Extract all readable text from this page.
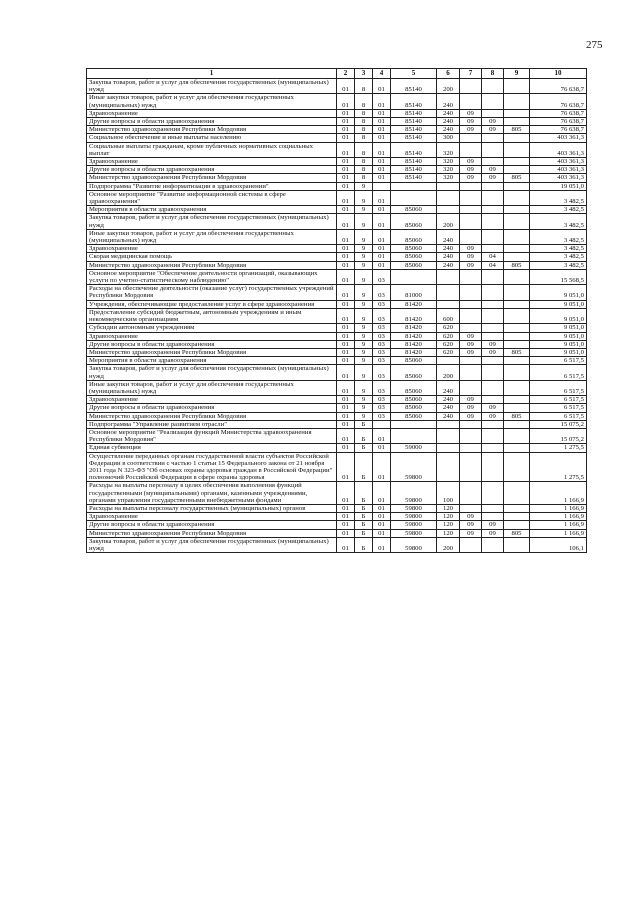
275
1	2	3	4	5	6	7	8	9	10
Закупка товаров, работ и услуг для обеспечения государственных (муниципальных) нужд	01	8	01	85140	200				76 638,7
Иные закупки товаров, работ и услуг для обеспечения государственных (муниципальных) нужд	01	8	01	85140	240				76 638,7
Здравоохранение	01	8	01	85140	240	09			76 638,7
Другие вопросы в области здравоохранения	01	8	01	85140	240	09	09		76 638,7
Министерство здравоохранения Республики Мордовия	01	8	01	85140	240	09	09	805	76 638,7
Социальное обеспечение и иные выплаты населению	01	8	01	85140	300				403 361,3
Социальные выплаты гражданам, кроме публичных нормативных социальных выплат	01	8	01	85140	320				403 361,3
Здравоохранение	01	8	01	85140	320	09			403 361,3
Другие вопросы в области здравоохранения	01	8	01	85140	320	09	09		403 361,3
Министерство здравоохранения Республики Мордовия	01	8	01	85140	320	09	09	805	403 361,3
Подпрограмма "Развитие информатизации в здравоохранении"	01	9							19 051,0
Основное мероприятие "Развитие информационной системы в сфере здравоохранения"	01	9	01						3 482,5
Мероприятия в области здравоохранения	01	9	01	85060					3 482,5
Закупка товаров, работ и услуг для обеспечения государственных (муниципальных) нужд	01	9	01	85060	200				3 482,5
Иные закупки товаров, работ и услуг для обеспечения государственных (муниципальных) нужд	01	9	01	85060	240				3 482,5
Здравоохранение	01	9	01	85060	240	09			3 482,5
Скорая медицинская помощь	01	9	01	85060	240	09	04		3 482,5
Министерство здравоохранения Республики Мордовия	01	9	01	85060	240	09	04	805	3 482,5
Основное мероприятие "Обеспечение деятельности организаций, оказывающих услуги по учетно-статистическому наблюдению"	01	9	03						15 568,5
Расходы на обеспечение деятельности (оказание услуг) государственных учреждений Республики Мордовия	01	9	03	81000					9 051,0
Учреждения, обеспечивающие предоставление услуг в сфере здравоохранения	01	9	03	81420					9 051,0
Предоставление субсидий бюджетным, автономным учреждениям и иным некоммерческим организациям	01	9	03	81420	600				9 051,0
Субсидии автономным учреждениям	01	9	03	81420	620				9 051,0
Здравоохранение	01	9	03	81420	620	09			9 051,0
Другие вопросы в области здравоохранения	01	9	03	81420	620	09	09		9 051,0
Министерство здравоохранения Республики Мордовия	01	9	03	81420	620	09	09	805	9 051,0
Мероприятия в области здравоохранения	01	9	03	85060					6 517,5
Закупка товаров, работ и услуг для обеспечения государственных (муниципальных) нужд	01	9	03	85060	200				6 517,5
Иные закупки товаров, работ и услуг для обеспечения государственных (муниципальных) нужд	01	9	03	85060	240				6 517,5
Здравоохранение	01	9	03	85060	240	09			6 517,5
Другие вопросы в области здравоохранения	01	9	03	85060	240	09	09		6 517,5
Министерство здравоохранения Республики Мордовия	01	9	03	85060	240	09	09	805	6 517,5
Подпрограмма "Управление развитием отрасли"	01	Б							15 075,2
Основное мероприятие "Реализация функций Министерства здравоохранения Республики Мордовия"	01	Б	01						15 075,2
Единая субвенция	01	Б	01	59000					1 275,5
Осуществление переданных органам государственной власти субъектов Российской Федерации в соответствии с частью 1 статьи 15 Федерального закона от 21 ноября 2011 года N 323-ФЗ "Об основах охраны здоровья граждан в Российской Федерации" полномочий Российской Федерации в сфере охраны здоровья	01	Б	01	59800					1 275,5
Расходы на выплаты персоналу в целях обеспечения выполнения функций государственными (муниципальными) органами, казенными учреждениями, органами управления государственными внебюджетными фондами	01	Б	01	59800	100				1 166,9
Расходы на выплаты персоналу государственных (муниципальных) органов	01	Б	01	59800	120				1 166,9
Здравоохранение	01	Б	01	59800	120	09			1 166,9
Другие вопросы в области здравоохранения	01	Б	01	59800	120	09	09		1 166,9
Министерство здравоохранения Республики Мордовия	01	Б	01	59800	120	09	09	805	1 166,9
Закупка товаров, работ и услуг для обеспечения государственных (муниципальных) нужд	01	Б	01	59800	200				106,1
